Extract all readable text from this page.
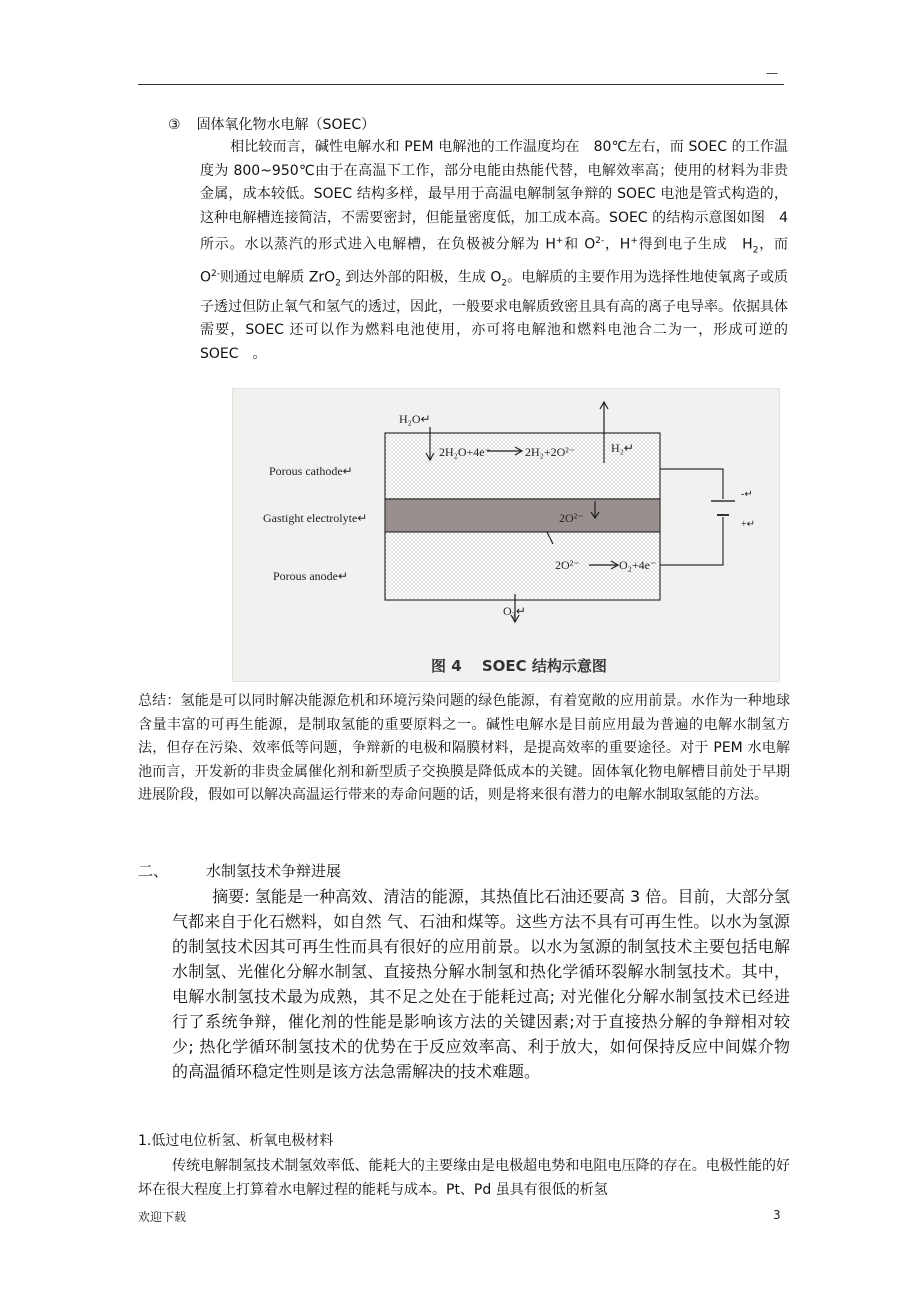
—
③ 固体氧化物水电解（SOEC）
相比较而言，碱性电解水和 PEM 电解池的工作温度均在　80℃左右，而 SOEC 的工作温度为 800~950℃由于在高温下工作，部分电能由热能代替，电解效率高；使用的材料为非贵金属，成本较低。SOEC 结构多样，最早用于高温电解制氢争辩的 SOEC 电池是管式构造的，这种电解槽连接简洁，不需要密封，但能量密度低，加工成本高。SOEC 的结构示意图如图　4　所示。水以蒸汽的形式进入电解槽，在负极被分解为 H+和 $O^{2-}$，H+得到电子生成　$H_2$，而　$O^{2-}$则通过电解质 ZrO$_2$ 到达外部的阳极，生成 $O_2$。电解质的主要作用为选择性地使氧离子或质子透过但防止氧气和氢气的透过，因此，一般要求电解质致密且具有高的离子电导率。依据具体需要，SOEC 还可以作为燃料电池使用，亦可将电解池和燃料电池合二为一，形成可逆的 SOEC　。
H₂O↵
2H₂O+4e⁻	2H₂+2O²⁻	H₂↵
Porous cathode↵
Gastight electrolyte↵
Porous anode↵
2O²⁻
2O²⁻	O₂+4e⁻
O₂↵
-↵
+↵
图 4　 SOEC 结构示意图
总结：氢能是可以同时解决能源危机和环境污染问题的绿色能源，有着宽敞的应用前景。水作为一种地球含量丰富的可再生能源，是制取氢能的重要原料之一。碱性电解水是目前应用最为普遍的电解水制氢方法，但存在污染、效率低等问题，争辩新的电极和隔膜材料，是提高效率的重要途径。对于 PEM 水电解池而言，开发新的非贵金属催化剂和新型质子交换膜是降低成本的关键。固体氧化物电解槽目前处于早期进展阶段，假如可以解决高温运行带来的寿命问题的话，则是将来很有潜力的电解水制取氢能的方法。
二、	水制氢技术争辩进展
摘要: 氢能是一种高效、清洁的能源，其热值比石油还要高 3 倍。目前，大部分氢气都来自于化石燃料，如自然 气、石油和煤等。这些方法不具有可再生性。以水为氢源的制氢技术因其可再生性而具有很好的应用前景。以水为氢源的制氢技术主要包括电解水制氢、光催化分解水制氢、直接热分解水制氢和热化学循环裂解水制氢技术。其中，电解水制氢技术最为成熟，其不足之处在于能耗过高; 对光催化分解水制氢技术已经进行了系统争辩，催化剂的性能是影响该方法的关键因素;对于直接热分解的争辩相对较少; 热化学循环制氢技术的优势在于反应效率高、利于放大，如何保持反应中间媒介物的高温循环稳定性则是该方法急需解决的技术难题。
1.低过电位析氢、析氧电极材料
传统电解制氢技术制氢效率低、能耗大的主要缘由是电极超电势和电阻电压降的存在。电极性能的好坏在很大程度上打算着水电解过程的能耗与成本。Pt、Pd 虽具有很低的析氢
欢迎下载	3
